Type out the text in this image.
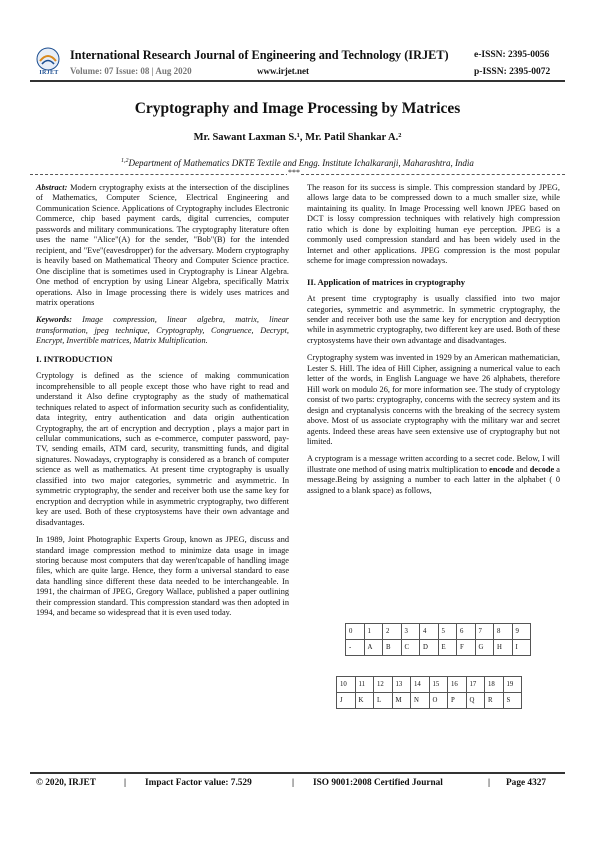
IRJET
International Research Journal of Engineering and Technology (IRJET)	e-ISSN: 2395-0056
Volume: 07 Issue: 08 | Aug 2020	www.irjet.net	p-ISSN: 2395-0072
Cryptography and Image Processing by Matrices
Mr. Sawant Laxman S.¹, Mr. Patil Shankar A.²
$^{1,2}$Department of Mathematics DKTE Textile and Engg. Institute Ichalkaranji, Maharashtra, India
***

Abstract: Modern cryptography exists at the intersection of the disciplines of Mathematics, Computer Science, Electrical Engineering and Communication Science. Applications of Cryptography includes Electronic Commerce, chip based payment cards, digital currencies, computer passwords and military communications. The cryptography literature often uses the name "Alice"(A) for the sender, "Bob"(B) for the intended recipient, and "Eve"(eavesdropper) for the adversary. Modern cryptography is heavily based on Mathematical Theory and Computer Science practice. One discipline that is sometimes used in Cryptography is Linear Algebra. One method of encryption by using Linear Algebra, specifically Matrix operations. Also in Image processing there is widely uses matrices and matrix operations

Keywords: Image compression, linear algebra, matrix, linear transformation, jpeg technique, Cryptography, Congruence, Decrypt, Encrypt, Invertible matrices, Matrix Multiplication.

I. INTRODUCTION

Cryptology is defined as the science of making communication incomprehensible to all people except those who have right to read and understand it Also define cryptography as the study of mathematical techniques related to aspect of information security such as confidentiality, data integrity, entry authentication and data origin authentication Cryptography, the art of encryption and decryption , plays a major part in cellular communications, such as e-commerce, computer password, pay- TV, sending emails, ATM card, security, transmitting funds, and digital signatures. Nowadays, cryptography is considered as a branch of computer science as well as mathematics. At present time cryptography is usually classified into two major categories, symmetric and asymmetric. In symmetric cryptography, the sender and receiver both use the same key for encryption and decryption while in asymmetric cryptography, two different key are used. Both of these cryptosystems have their own advantage and disadvantages.

In 1989, Joint Photographic Experts Group, known as JPEG, discuss and standard image compression method to minimize data usage in image storing because most computers that day weren'tcapable of handling image files, which are quite large. Hence, they form a universal standard to ease data handling since different these data needed to be interchangeable. In 1991, the chairman of JPEG, Gregory Wallace, published a paper outlining their compression standard. This compression standard was then adopted in 1994, and became so widespread that it is even used today.

The reason for its success is simple. This compression standard by JPEG, allows large data to be compressed down to a much smaller size, while maintaining its quality. In Image Processing well known JPEG based on DCT is lossy compression techniques with relatively high compression ratio which is done by exploiting human eye perception. JPEG is a commonly used compression standard and has been widely used in the Internet and other applications. JPEG compression is the most popular scheme for image compression nowadays.

II. Application of matrices in cryptography

At present time cryptography is usually classified into two major categories, symmetric and asymmetric. In symmetric cryptography, the sender and receiver both use the same key for encryption and decryption while in asymmetric cryptography, two different key are used. Both of these cryptosystems have their own advantage and disadvantages.

Cryptography system was invented in 1929 by an American mathematician, Lester S. Hill. The idea of Hill Cipher, assigning a numerical value to each letter of the words, in English Language we have 26 alphabets, therefore Hill work on modulo 26, for more information see. The study of cryptology consist of two parts: cryptography, concerns with the secrecy system and its design and cryptanalysis concerns with the breaking of the secrecy system above. Most of us associate cryptography with the military war and secret agents. Indeed these areas have seen extensive use of cryptography but not limited.

A cryptogram is a message written according to a secret code. Below, I will illustrate one method of using matrix multiplication to encode and decode a message.Being by assigning a number to each latter in the alphabet ( 0 assigned to a blank space) as follows,

0	1	2	3	4	5	6	7	8	9
-	A	B	C	D	E	F	G	H	I
10	11	12	13	14	15	16	17	18	19
J	K	L	M	N	O	P	Q	R	S
© 2020, IRJET	| Impact Factor value: 7.529	| ISO 9001:2008 Certified Journal	| Page 4327
